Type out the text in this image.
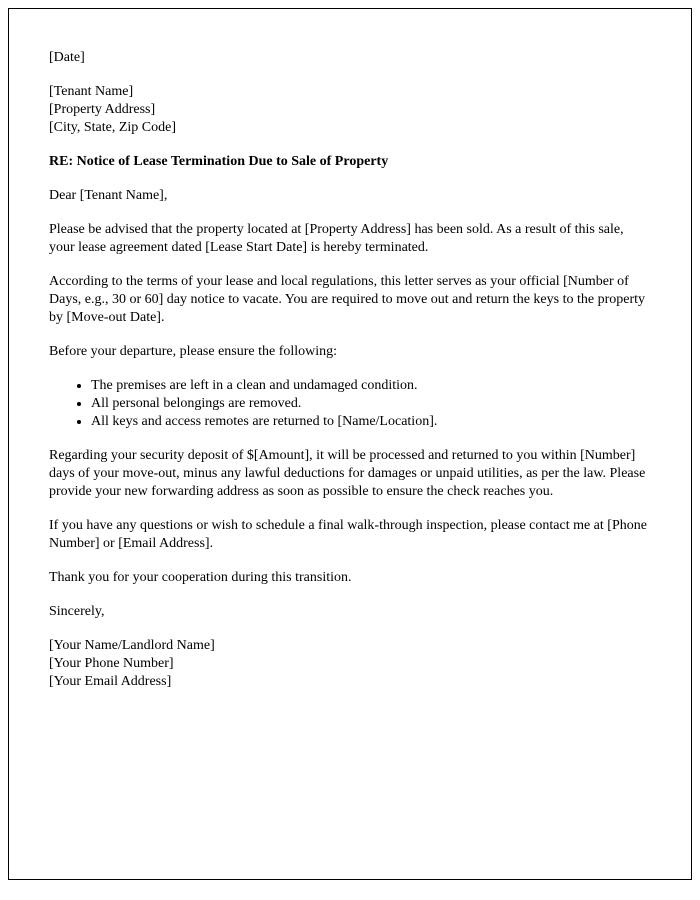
[Date]

[Tenant Name]

[Property Address]

[City, State, Zip Code]

RE: Notice of Lease Termination Due to Sale of Property

Dear [Tenant Name],

Please be advised that the property located at [Property Address] has been sold. As a result of this sale, your lease agreement dated [Lease Start Date] is hereby terminated.

According to the terms of your lease and local regulations, this letter serves as your official [Number of Days, e.g., 30 or 60] day notice to vacate. You are required to move out and return the keys to the property by [Move-out Date].

Before your departure, please ensure the following:

• The premises are left in a clean and undamaged condition.
• All personal belongings are removed.
• All keys and access remotes are returned to [Name/Location].

Regarding your security deposit of $[Amount], it will be processed and returned to you within [Number] days of your move-out, minus any lawful deductions for damages or unpaid utilities, as per the law. Please provide your new forwarding address as soon as possible to ensure the check reaches you.

If you have any questions or wish to schedule a final walk-through inspection, please contact me at [Phone Number] or [Email Address].

Thank you for your cooperation during this transition.

Sincerely,

[Your Name/Landlord Name]

[Your Phone Number]

[Your Email Address]
